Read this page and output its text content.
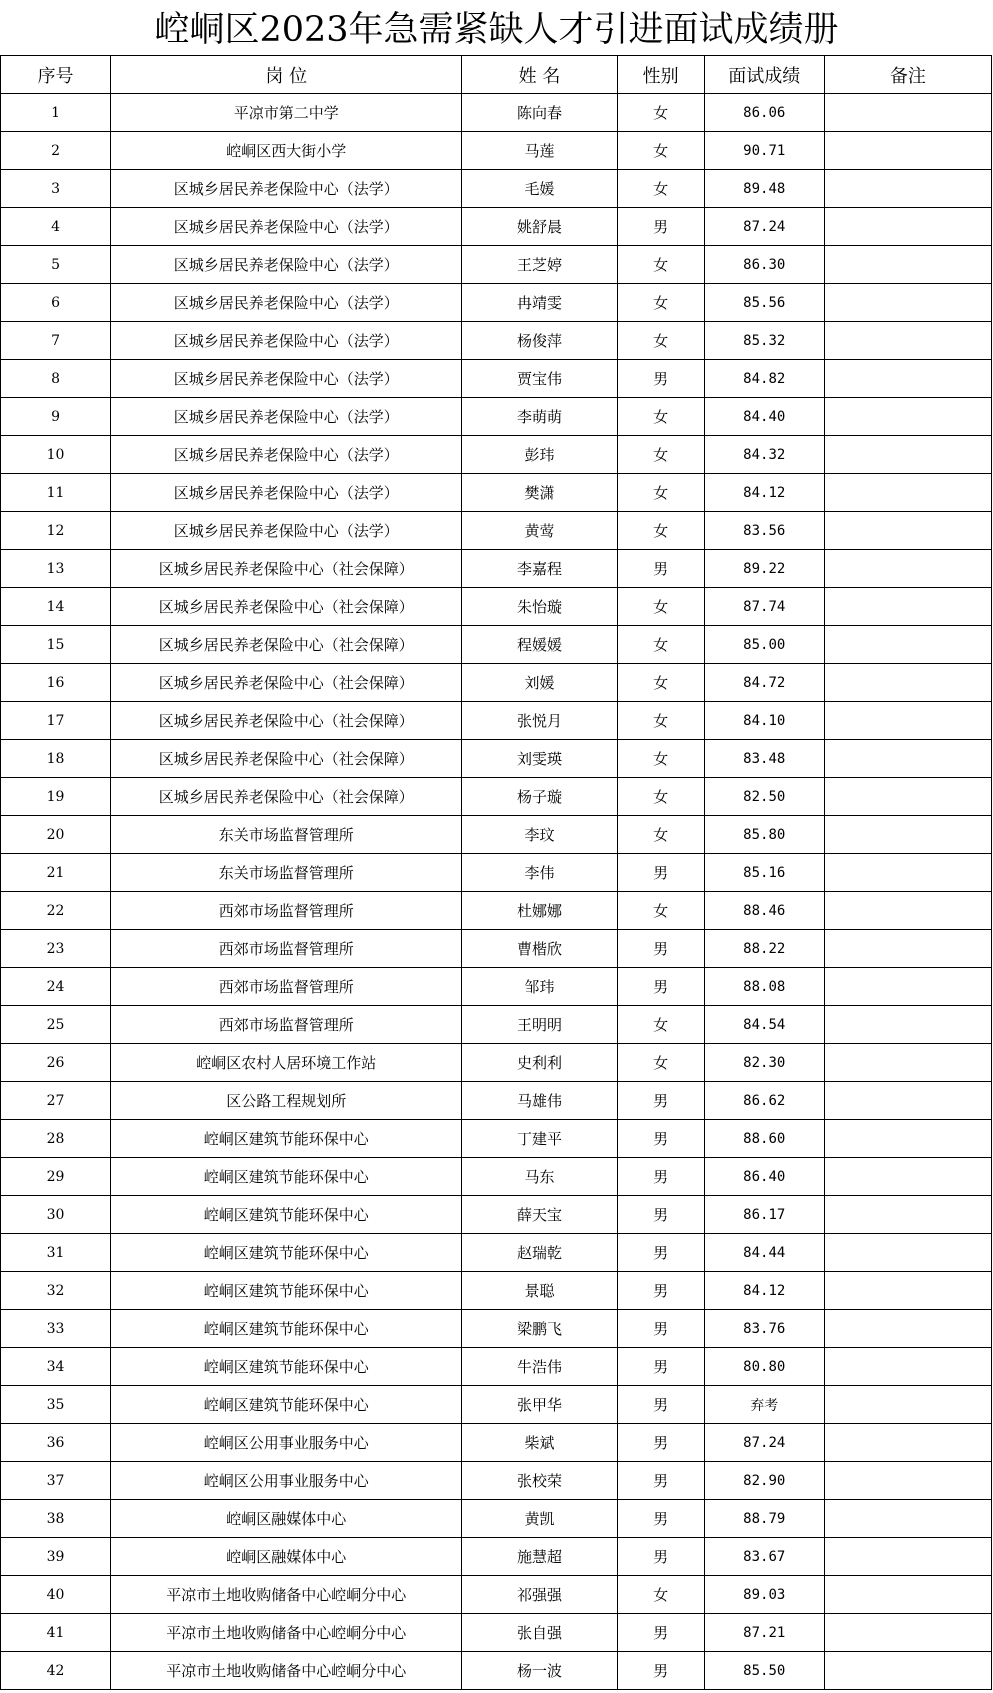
崆峒区2023年急需紧缺人才引进面试成绩册
序号	岗 位	姓 名	性别	面试成绩	备注
1	平凉市第二中学	陈向春	女	86.06	
2	崆峒区西大街小学	马莲	女	90.71	
3	区城乡居民养老保险中心（法学）	毛媛	女	89.48	
4	区城乡居民养老保险中心（法学）	姚舒晨	男	87.24	
5	区城乡居民养老保险中心（法学）	王芝婷	女	86.30	
6	区城乡居民养老保险中心（法学）	冉靖雯	女	85.56	
7	区城乡居民养老保险中心（法学）	杨俊萍	女	85.32	
8	区城乡居民养老保险中心（法学）	贾宝伟	男	84.82	
9	区城乡居民养老保险中心（法学）	李萌萌	女	84.40	
10	区城乡居民养老保险中心（法学）	彭玮	女	84.32	
11	区城乡居民养老保险中心（法学）	樊潇	女	84.12	
12	区城乡居民养老保险中心（法学）	黄莺	女	83.56	
13	区城乡居民养老保险中心（社会保障）	李嘉程	男	89.22	
14	区城乡居民养老保险中心（社会保障）	朱怡璇	女	87.74	
15	区城乡居民养老保险中心（社会保障）	程媛媛	女	85.00	
16	区城乡居民养老保险中心（社会保障）	刘媛	女	84.72	
17	区城乡居民养老保险中心（社会保障）	张悦月	女	84.10	
18	区城乡居民养老保险中心（社会保障）	刘雯瑛	女	83.48	
19	区城乡居民养老保险中心（社会保障）	杨子璇	女	82.50	
20	东关市场监督管理所	李玟	女	85.80	
21	东关市场监督管理所	李伟	男	85.16	
22	西郊市场监督管理所	杜娜娜	女	88.46	
23	西郊市场监督管理所	曹楷欣	男	88.22	
24	西郊市场监督管理所	邹玮	男	88.08	
25	西郊市场监督管理所	王明明	女	84.54	
26	崆峒区农村人居环境工作站	史利利	女	82.30	
27	区公路工程规划所	马雄伟	男	86.62	
28	崆峒区建筑节能环保中心	丁建平	男	88.60	
29	崆峒区建筑节能环保中心	马东	男	86.40	
30	崆峒区建筑节能环保中心	薛天宝	男	86.17	
31	崆峒区建筑节能环保中心	赵瑞乾	男	84.44	
32	崆峒区建筑节能环保中心	景聪	男	84.12	
33	崆峒区建筑节能环保中心	梁鹏飞	男	83.76	
34	崆峒区建筑节能环保中心	牛浩伟	男	80.80	
35	崆峒区建筑节能环保中心	张甲华	男	弃考	
36	崆峒区公用事业服务中心	柴斌	男	87.24	
37	崆峒区公用事业服务中心	张校荣	男	82.90	
38	崆峒区融媒体中心	黄凯	男	88.79	
39	崆峒区融媒体中心	施慧超	男	83.67	
40	平凉市土地收购储备中心崆峒分中心	祁强强	女	89.03	
41	平凉市土地收购储备中心崆峒分中心	张自强	男	87.21	
42	平凉市土地收购储备中心崆峒分中心	杨一波	男	85.50	
